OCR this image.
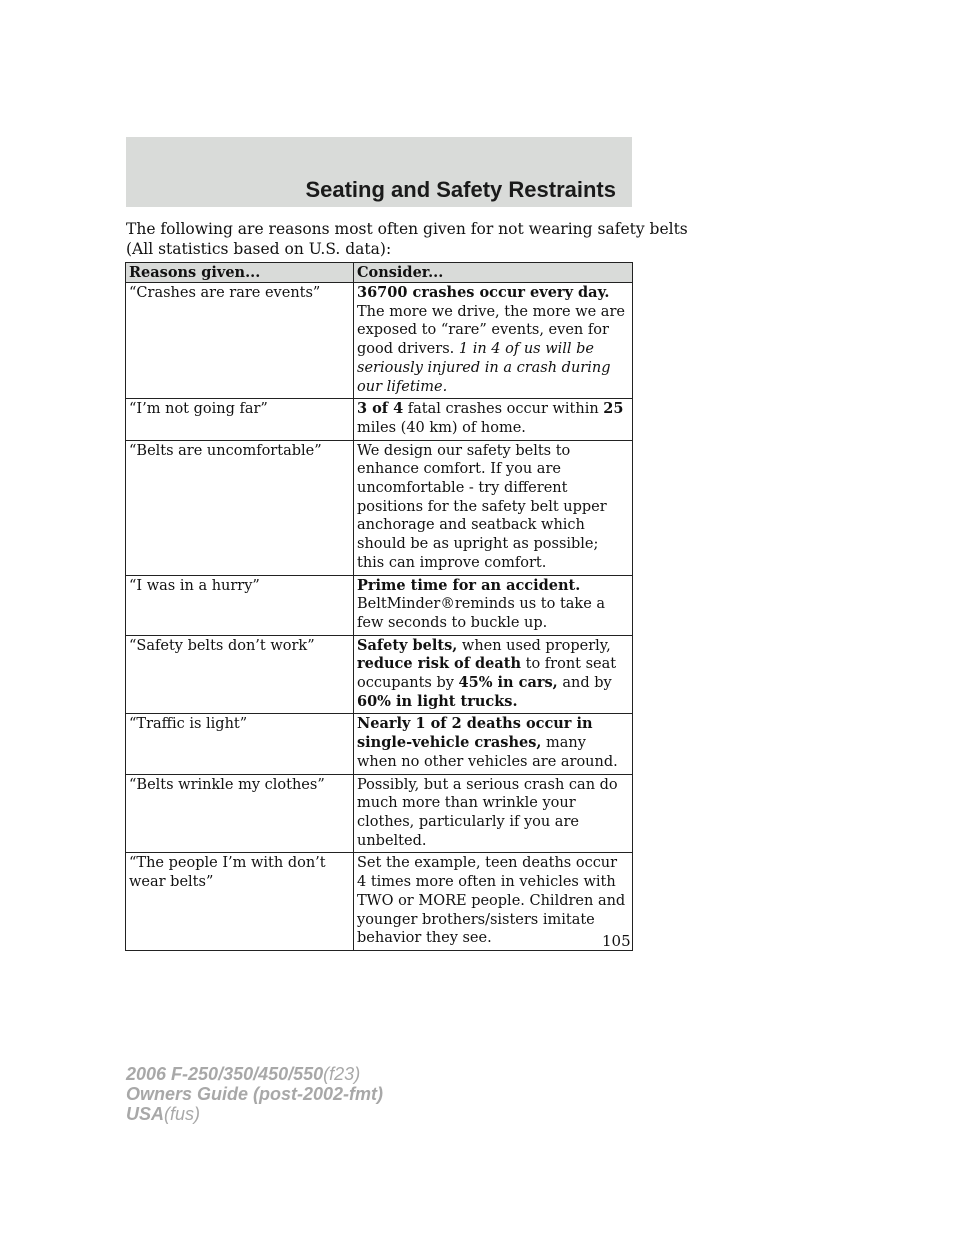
Seating and Safety Restraints
The following are reasons most often given for not wearing safety belts
(All statistics based on U.S. data):
Reasons given...	Consider...
“Crashes are rare events”	36700 crashes occur every day. The more we drive, the more we are exposed to “rare” events, even for good drivers. 1 in 4 of us will be seriously injured in a crash during our lifetime.
“I’m not going far”	3 of 4 fatal crashes occur within 25 miles (40 km) of home.
“Belts are uncomfortable”	We design our safety belts to enhance comfort. If you are uncomfortable - try different positions for the safety belt upper anchorage and seatback which should be as upright as possible; this can improve comfort.
“I was in a hurry”	Prime time for an accident. BeltMinder®reminds us to take a few seconds to buckle up.
“Safety belts don’t work”	Safety belts, when used properly, reduce risk of death to front seat occupants by 45% in cars, and by 60% in light trucks.
“Traffic is light”	Nearly 1 of 2 deaths occur in single-vehicle crashes, many when no other vehicles are around.
“Belts wrinkle my clothes”	Possibly, but a serious crash can do much more than wrinkle your clothes, particularly if you are unbelted.
“The people I’m with don’t wear belts”	Set the example, teen deaths occur 4 times more often in vehicles with TWO or MORE people. Children and younger brothers/sisters imitate behavior they see.	105
2006 F-250/350/450/550(f23)
Owners Guide (post-2002-fmt)
USA(fus)
